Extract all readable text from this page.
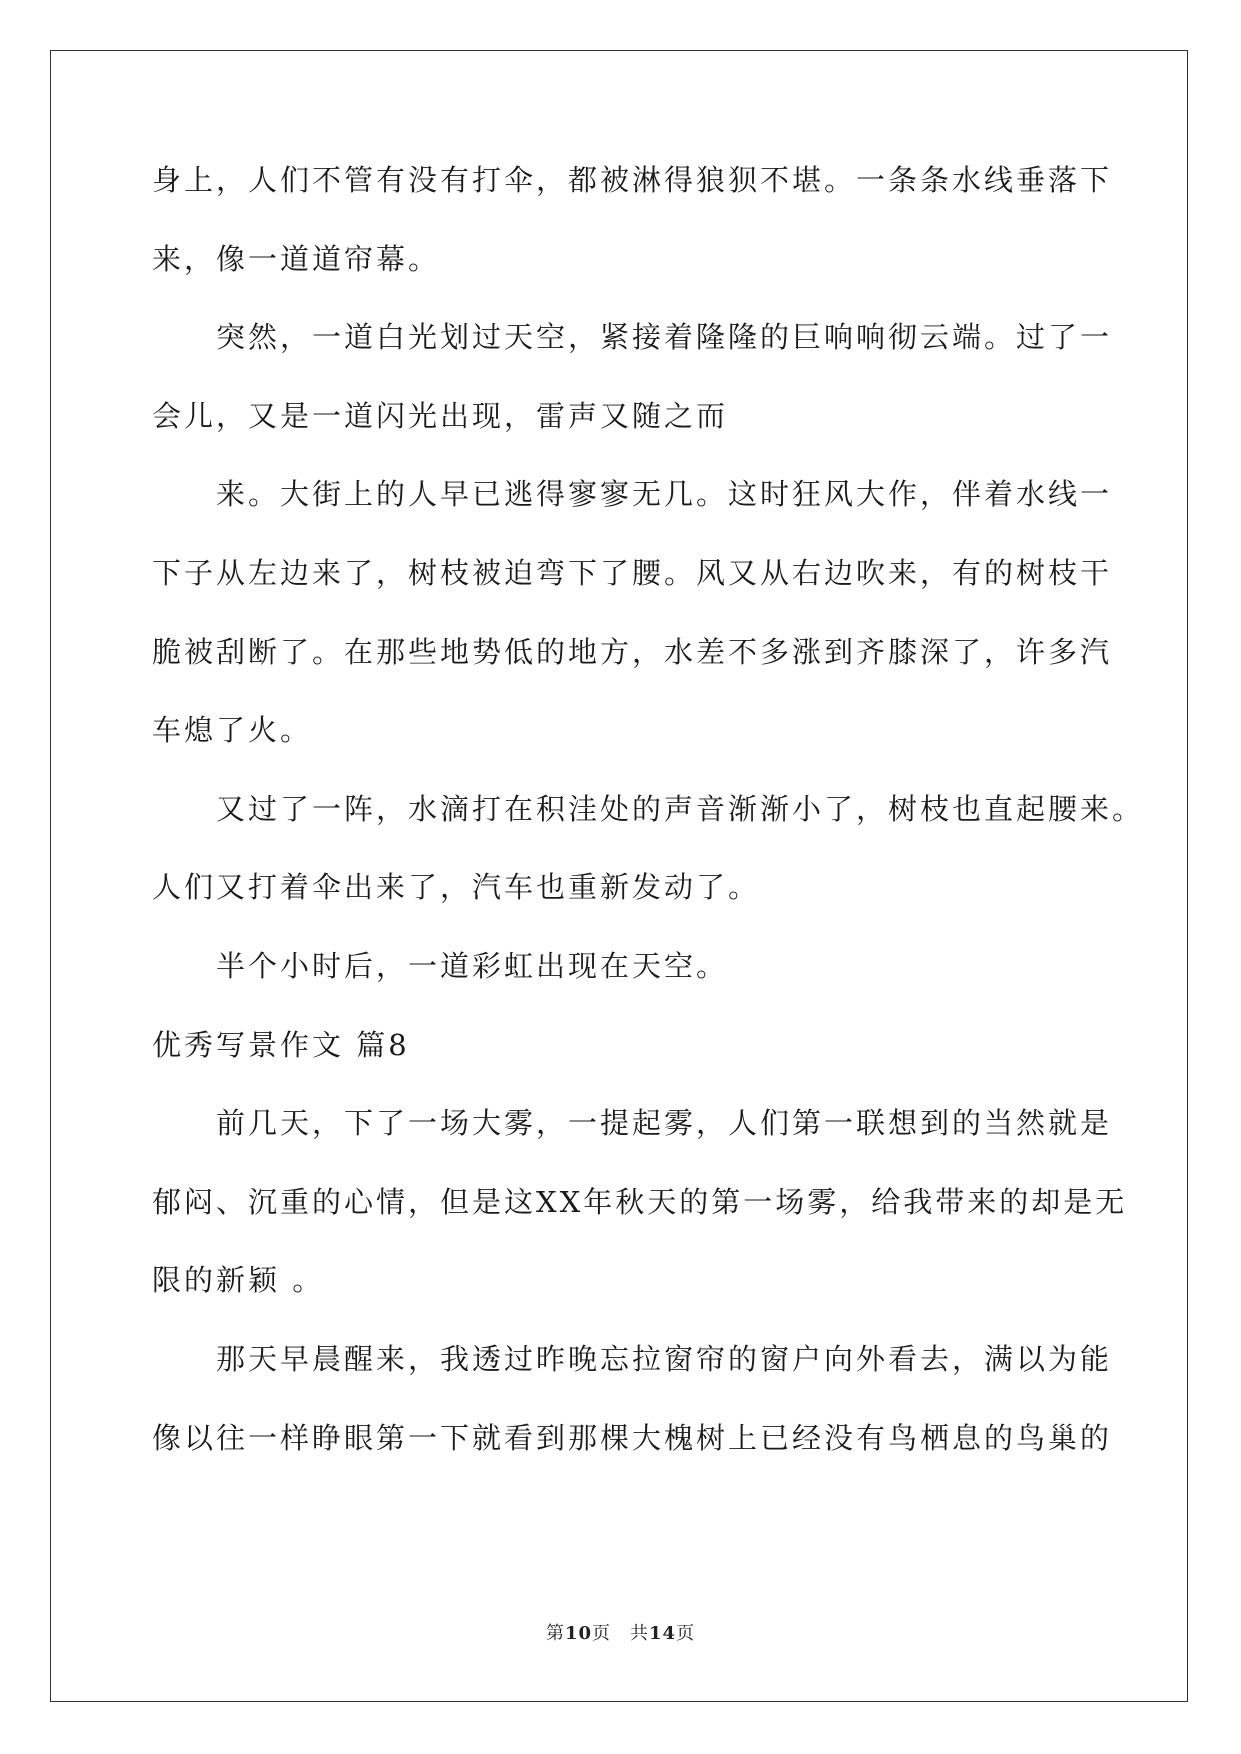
身上，人们不管有没有打伞，都被淋得狼狈不堪。一条条水线垂落下
来，像一道道帘幕。
突然，一道白光划过天空，紧接着隆隆的巨响响彻云端。过了一
会儿，又是一道闪光出现，雷声又随之而
来。大街上的人早已逃得寥寥无几。这时狂风大作，伴着水线一
下子从左边来了，树枝被迫弯下了腰。风又从右边吹来，有的树枝干
脆被刮断了。在那些地势低的地方，水差不多涨到齐膝深了，许多汽
车熄了火。
又过了一阵，水滴打在积洼处的声音渐渐小了，树枝也直起腰来。
人们又打着伞出来了，汽车也重新发动了。
半个小时后，一道彩虹出现在天空。
优秀写景作文 篇8
前几天，下了一场大雾，一提起雾，人们第一联想到的当然就是
郁闷、沉重的心情，但是这XX年秋天的第一场雾，给我带来的却是无
限的新颖 。
那天早晨醒来，我透过昨晚忘拉窗帘的窗户向外看去，满以为能
像以往一样睁眼第一下就看到那棵大槐树上已经没有鸟栖息的鸟巢的
第10页　共14页
